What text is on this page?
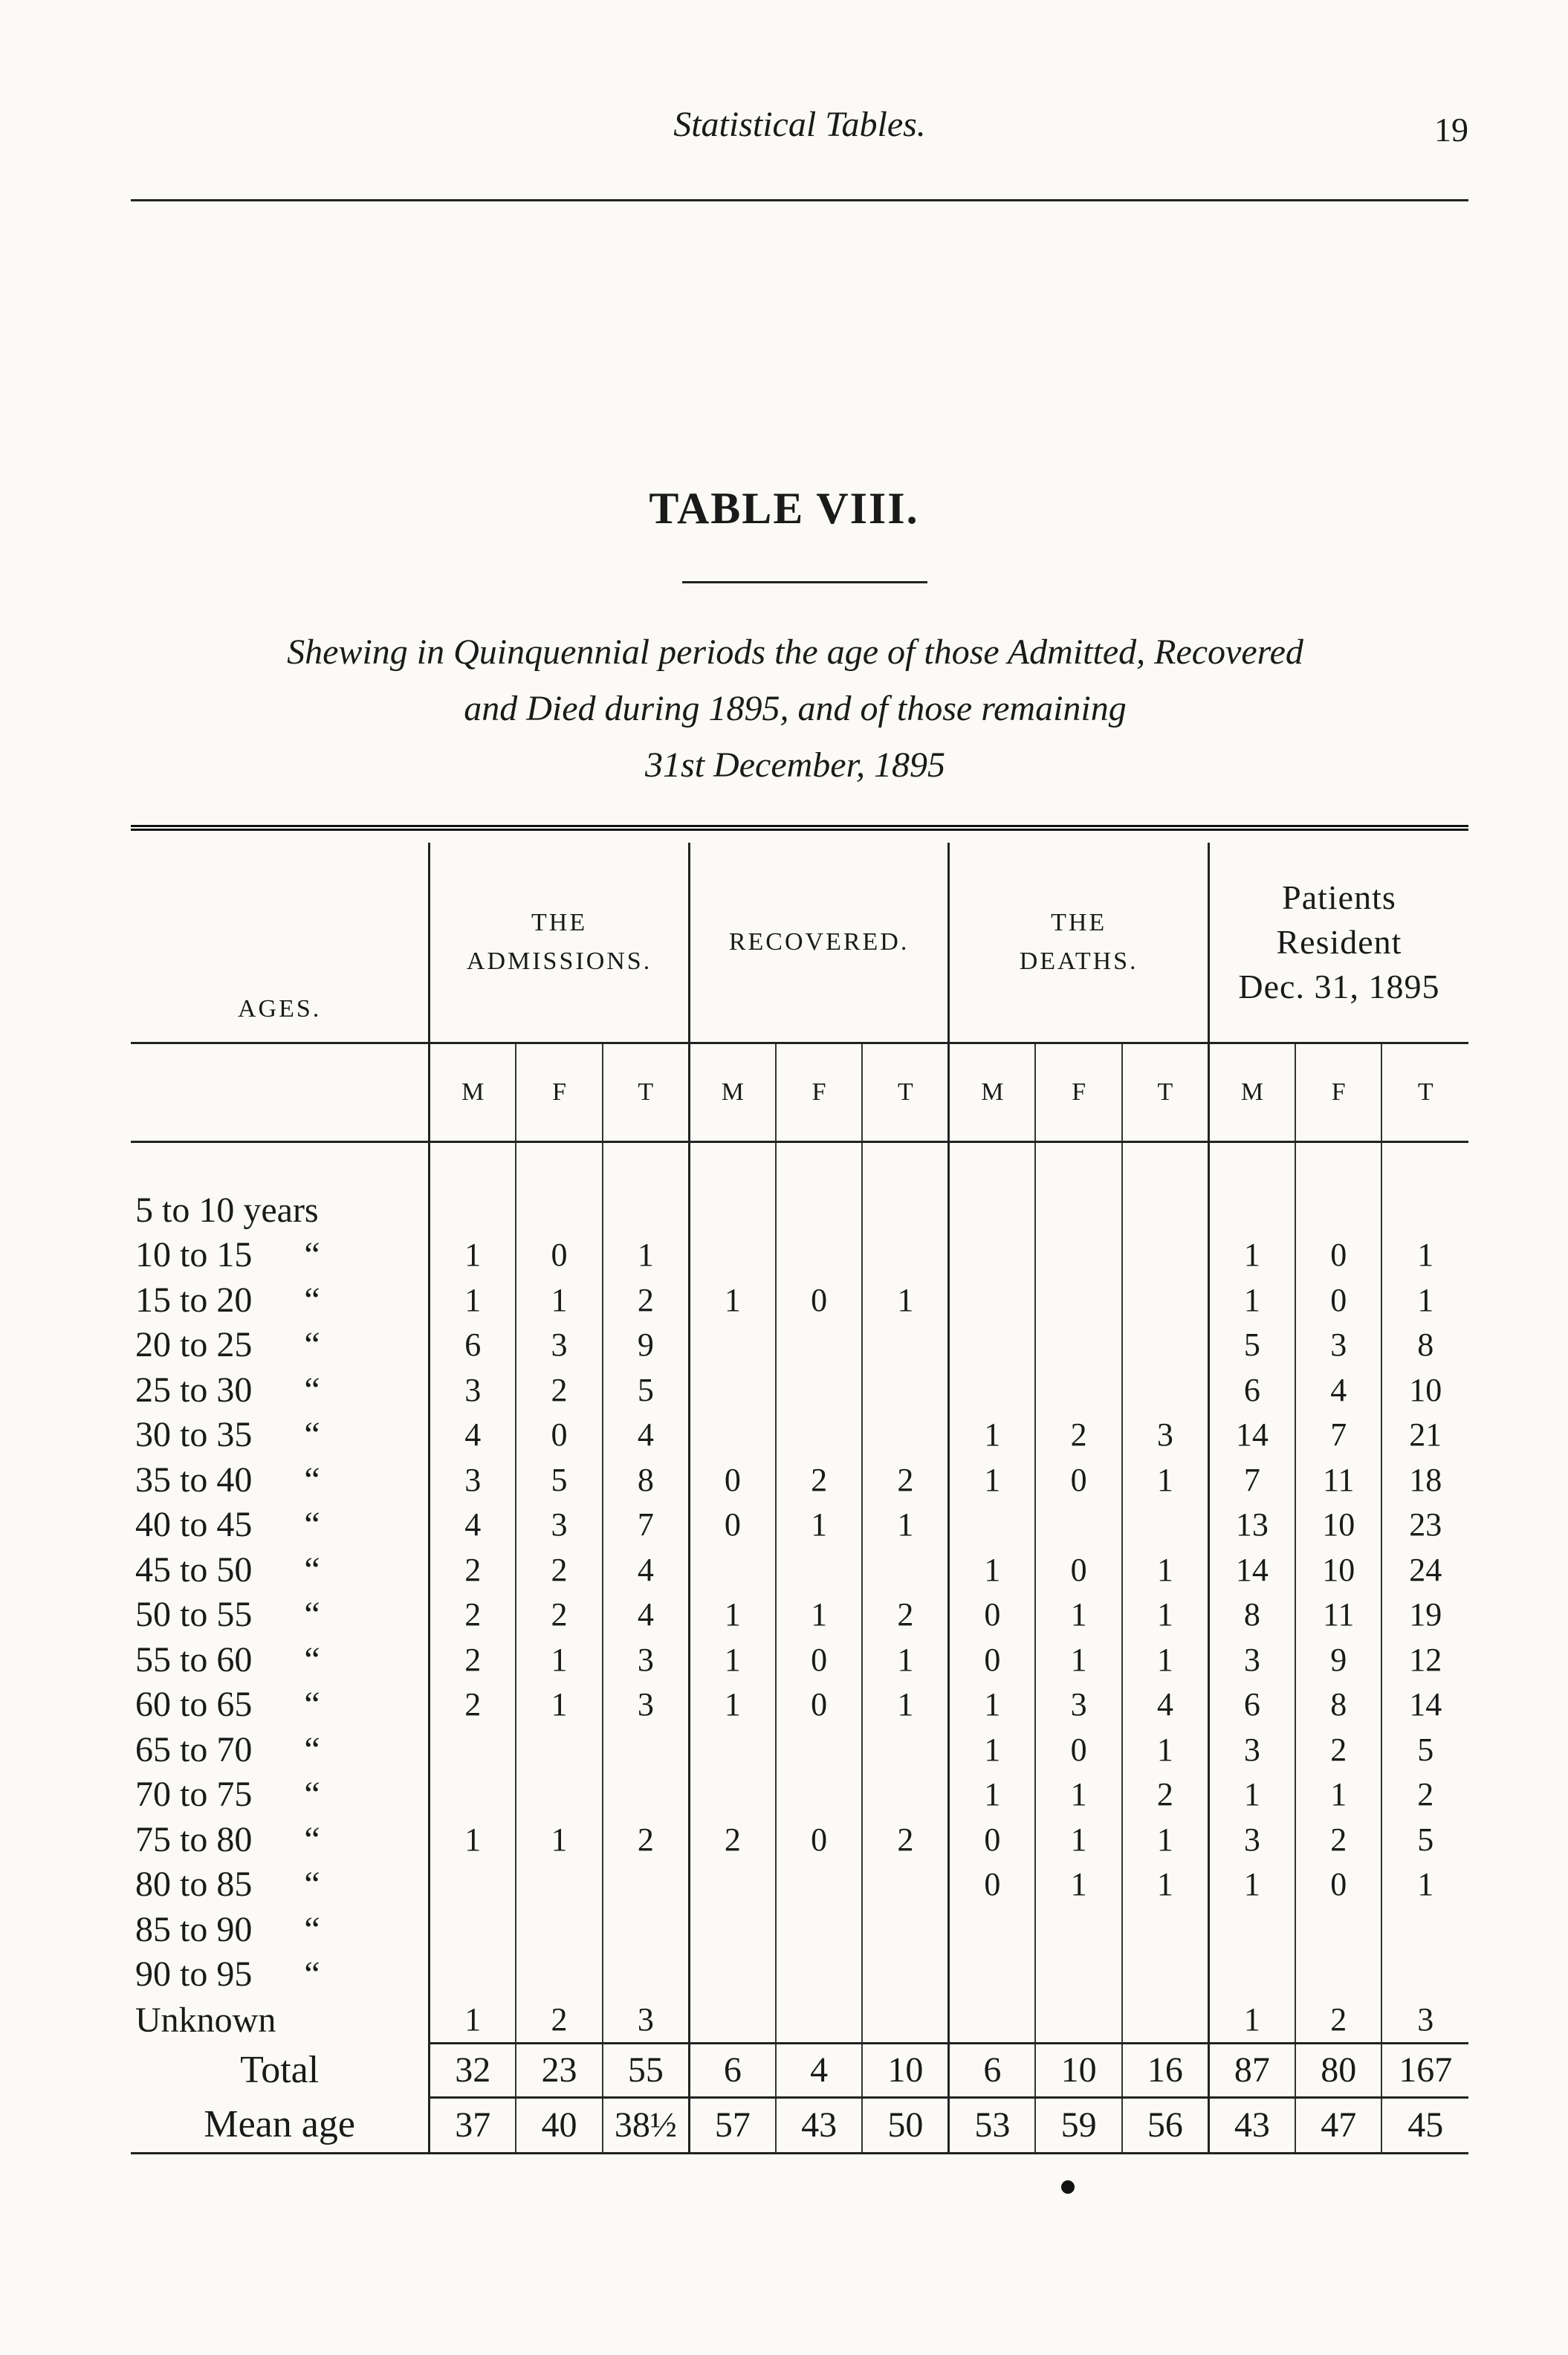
Statistical Tables.	19
TABLE VIII.
Shewing in Quinquennial periods the age of those Admitted, Recovered
and Died during 1895, and of those remaining
31st December, 1895

AGES.	THE
ADMISSIONS.			RECOVERED.			THE
DEATHS.			Patients
Resident
Dec. 31, 1895		
	M	F	T	M	F	T	M	F	T	M	F	T

5 to 10 years												
10 to 15 “	1	0	1							1	0	1
15 to 20 “	1	1	2	1	0	1				1	0	1
20 to 25 “	6	3	9							5	3	8
25 to 30 “	3	2	5							6	4	10
30 to 35 “	4	0	4				1	2	3	14	7	21
35 to 40 “	3	5	8	0	2	2	1	0	1	7	11	18
40 to 45 “	4	3	7	0	1	1				13	10	23
45 to 50 “	2	2	4				1	0	1	14	10	24
50 to 55 “	2	2	4	1	1	2	0	1	1	8	11	19
55 to 60 “	2	1	3	1	0	1	0	1	1	3	9	12
60 to 65 “	2	1	3	1	0	1	1	3	4	6	8	14
65 to 70 “							1	0	1	3	2	5
70 to 75 “							1	1	2	1	1	2
75 to 80 “	1	1	2	2	0	2	0	1	1	3	2	5
80 to 85 “							0	1	1	1	0	1
85 to 90 “												
90 to 95 “												
Unknown	1	2	3							1	2	3
Total	32	23	55	6	4	10	6	10	16	87	80	167
Mean age	37	40	38½	57	43	50	53	59	56	43	47	45
